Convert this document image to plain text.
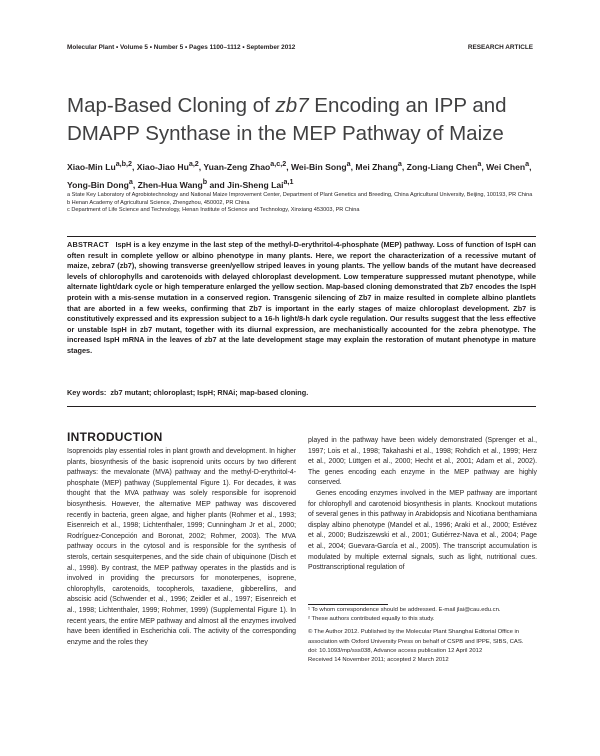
Molecular Plant • Volume 5 • Number 5 • Pages 1100–1112 • September 2012	RESEARCH ARTICLE
Map-Based Cloning of zb7 Encoding an IPP and DMAPP Synthase in the MEP Pathway of Maize
Xiao-Min Lu$^{a,b,2}$, Xiao-Jiao Hu$^{a,2}$, Yuan-Zeng Zhao$^{a,c,2}$, Wei-Bin Song$^a$, Mei Zhang$^a$, Zong-Liang Chen$^a$, Wei Chen$^a$, Yong-Bin Dong$^a$, Zhen-Hua Wang$^b$ and Jin-Sheng Lai$^{a,1}$
a State Key Laboratory of Agrobiotechnology and National Maize Improvement Center, Department of Plant Genetics and Breeding, China Agricultural University, Beijing, 100193, PR China
b Henan Academy of Agricultural Science, Zhengzhou, 450002, PR China
c Department of Life Science and Technology, Henan Institute of Science and Technology, Xinxiang 453003, PR China
ABSTRACT IspH is a key enzyme in the last step of the methyl-D-erythritol-4-phosphate (MEP) pathway. Loss of function of IspH can often result in complete yellow or albino phenotype in many plants. Here, we report the characterization of a recessive mutant of maize, zebra7 (zb7), showing transverse green/yellow striped leaves in young plants. The yellow bands of the mutant have decreased levels of chlorophylls and carotenoids with delayed chloroplast development. Low temperature suppressed mutant phenotype, while alternate light/dark cycle or high temperature enlarged the yellow section. Map-based cloning demonstrated that Zb7 encodes the IspH protein with a mis-sense mutation in a conserved region. Transgenic silencing of Zb7 in maize resulted in complete albino plantlets that are aborted in a few weeks, confirming that Zb7 is important in the early stages of maize chloroplast development. Zb7 is constitutively expressed and its expression subject to a 16-h light/8-h dark cycle regulation. Our results suggest that the less effective or unstable IspH in zb7 mutant, together with its diurnal expression, are mechanistically accounted for the zebra phenotype. The increased IspH mRNA in the leaves of zb7 at the late development stage may explain the restoration of mutant phenotype in mature stages.
Key words: zb7 mutant; chloroplast; IspH; RNAi; map-based cloning.
INTRODUCTION

Isoprenoids play essential roles in plant growth and development. In higher plants, biosynthesis of the basic isoprenoid units occurs by two different pathways: the mevalonate (MVA) pathway and the methyl-D-erythritol-4-phosphate (MEP) pathway (Supplemental Figure 1). For decades, it was thought that the MVA pathway was solely responsible for isoprenoid biosynthesis. However, the alternative MEP pathway was discovered recently in bacteria, green algae, and higher plants (Rohmer et al., 1993; Eisenreich et al., 1998; Lichtenthaler, 1999; Cunningham Jr et al., 2000; Rodríguez-Concepción and Boronat, 2002; Rohmer, 2003). The MVA pathway occurs in the cytosol and is responsible for the synthesis of sterols, certain sesquiterpenes, and the side chain of ubiquinone (Disch et al., 1998). By contrast, the MEP pathway operates in the plastids and is involved in providing the precursors for monoterpenes, isoprene, chlorophylls, carotenoids, tocopherols, taxadiene, gibberellins, and abscisic acid (Schwender et al., 1996; Zeidler et al., 1997; Eisenreich et al., 1998; Lichtenthaler, 1999; Rohmer, 1999) (Supplemental Figure 1). In recent years, the entire MEP pathway and almost all the enzymes involved have been identified in Escherichia coli. The activity of the corresponding enzyme and the roles they

played in the pathway have been widely demonstrated (Sprenger et al., 1997; Lois et al., 1998; Takahashi et al., 1998; Rohdich et al., 1999; Herz et al., 2000; Lüttgen et al., 2000; Hecht et al., 2001; Adam et al., 2002). The genes encoding each enzyme in the MEP pathway are highly conserved.

Genes encoding enzymes involved in the MEP pathway are important for chlorophyll and carotenoid biosynthesis in plants. Knockout mutations of several genes in this pathway in Arabidopsis and Nicotiana benthamiana display albino phenotype (Mandel et al., 1996; Araki et al., 2000; Estévez et al., 2000; Budziszewski et al., 2001; Gutiérrez-Nava et al., 2004; Page et al., 2004; Guevara-García et al., 2005). The transcript accumulation is modulated by multiple external signals, such as light, nutritional cues. Posttranscriptional regulation of

¹ To whom correspondence should be addressed. E-mail jlai@cau.edu.cn.
² These authors contributed equally to this study.
© The Author 2012. Published by the Molecular Plant Shanghai Editorial Office in association with Oxford University Press on behalf of CSPB and IPPE, SIBS, CAS.
doi: 10.1093/mp/sss038, Advance access publication 12 April 2012
Received 14 November 2011; accepted 2 March 2012
